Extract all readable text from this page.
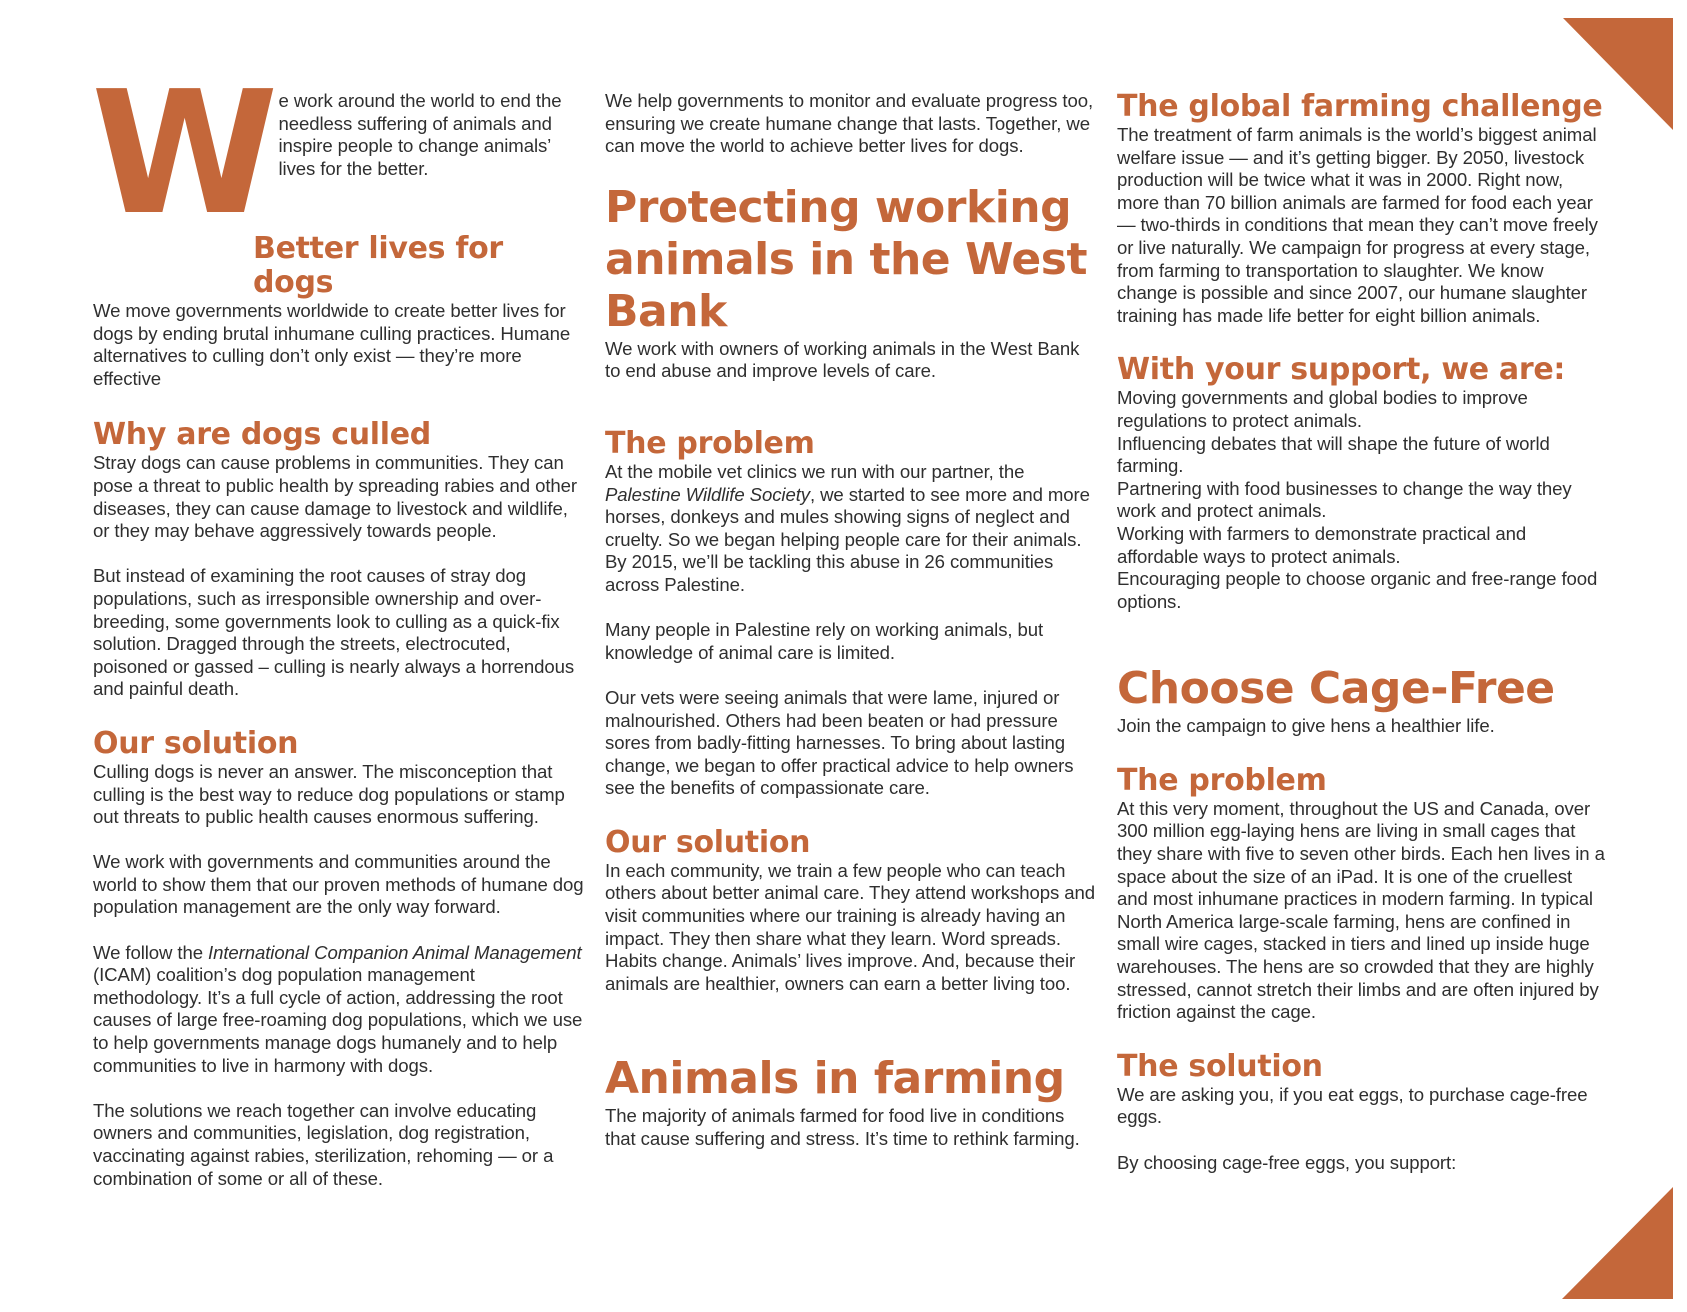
W e work around the world to end the needless suffering of animals and inspire people to change animals’ lives for the better.

Better lives for dogs

We move governments worldwide to create better lives for dogs by ending brutal inhumane culling practices. Humane alternatives to culling don’t only exist — they’re more effective

Why are dogs culled

Stray dogs can cause problems in communities. They can pose a threat to public health by spreading rabies and other diseases, they can cause damage to livestock and wildlife, or they may behave aggressively towards people.

But instead of examining the root causes of stray dog populations, such as irresponsible ownership and over-breeding, some governments look to culling as a quick-fix solution. Dragged through the streets, electrocuted, poisoned or gassed – culling is nearly always a horrendous and painful death.

Our solution

Culling dogs is never an answer. The misconception that culling is the best way to reduce dog populations or stamp out threats to public health causes enormous suffering.

We work with governments and communities around the world to show them that our proven methods of humane dog population management are the only way forward.

We follow the International Companion Animal Management (ICAM) coalition’s dog population management methodology. It’s a full cycle of action, addressing the root causes of large free-roaming dog populations, which we use to help governments manage dogs humanely and to help communities to live in harmony with dogs.

The solutions we reach together can involve educating owners and communities, legislation, dog registration, vaccinating against rabies, sterilization, rehoming — or a combination of some or all of these.

We help governments to monitor and evaluate progress too, ensuring we create humane change that lasts. Together, we can move the world to achieve better lives for dogs.

Protecting working animals in the West Bank

We work with owners of working animals in the West Bank to end abuse and improve levels of care.

The problem

At the mobile vet clinics we run with our partner, the Palestine Wildlife Society, we started to see more and more horses, donkeys and mules showing signs of neglect and cruelty. So we began helping people care for their animals. By 2015, we’ll be tackling this abuse in 26 communities across Palestine.

Many people in Palestine rely on working animals, but knowledge of animal care is limited.

Our vets were seeing animals that were lame, injured or malnourished. Others had been beaten or had pressure sores from badly-fitting harnesses. To bring about lasting change, we began to offer practical advice to help owners see the benefits of compassionate care.

Our solution

In each community, we train a few people who can teach others about better animal care. They attend workshops and visit communities where our training is already having an impact. They then share what they learn. Word spreads. Habits change. Animals’ lives improve. And, because their animals are healthier, owners can earn a better living too.

Animals in farming

The majority of animals farmed for food live in conditions that cause suffering and stress. It’s time to rethink farming.

The global farming challenge

The treatment of farm animals is the world’s biggest animal welfare issue — and it’s getting bigger. By 2050, livestock production will be twice what it was in 2000. Right now, more than 70 billion animals are farmed for food each year — two-thirds in conditions that mean they can’t move freely or live naturally. We campaign for progress at every stage, from farming to transportation to slaughter. We know change is possible and since 2007, our humane slaughter training has made life better for eight billion animals.

With your support, we are:

Moving governments and global bodies to improve regulations to protect animals.

Influencing debates that will shape the future of world farming.

Partnering with food businesses to change the way they work and protect animals.

Working with farmers to demonstrate practical and affordable ways to protect animals.

Encouraging people to choose organic and free-range food options.

Choose Cage-Free

Join the campaign to give hens a healthier life.

The problem

At this very moment, throughout the US and Canada, over 300 million egg-laying hens are living in small cages that they share with five to seven other birds. Each hen lives in a space about the size of an iPad. It is one of the cruellest and most inhumane practices in modern farming. In typical North America large-scale farming, hens are confined in small wire cages, stacked in tiers and lined up inside huge warehouses. The hens are so crowded that they are highly stressed, cannot stretch their limbs and are often injured by friction against the cage.

The solution

We are asking you, if you eat eggs, to purchase cage-free eggs.

By choosing cage-free eggs, you support:
